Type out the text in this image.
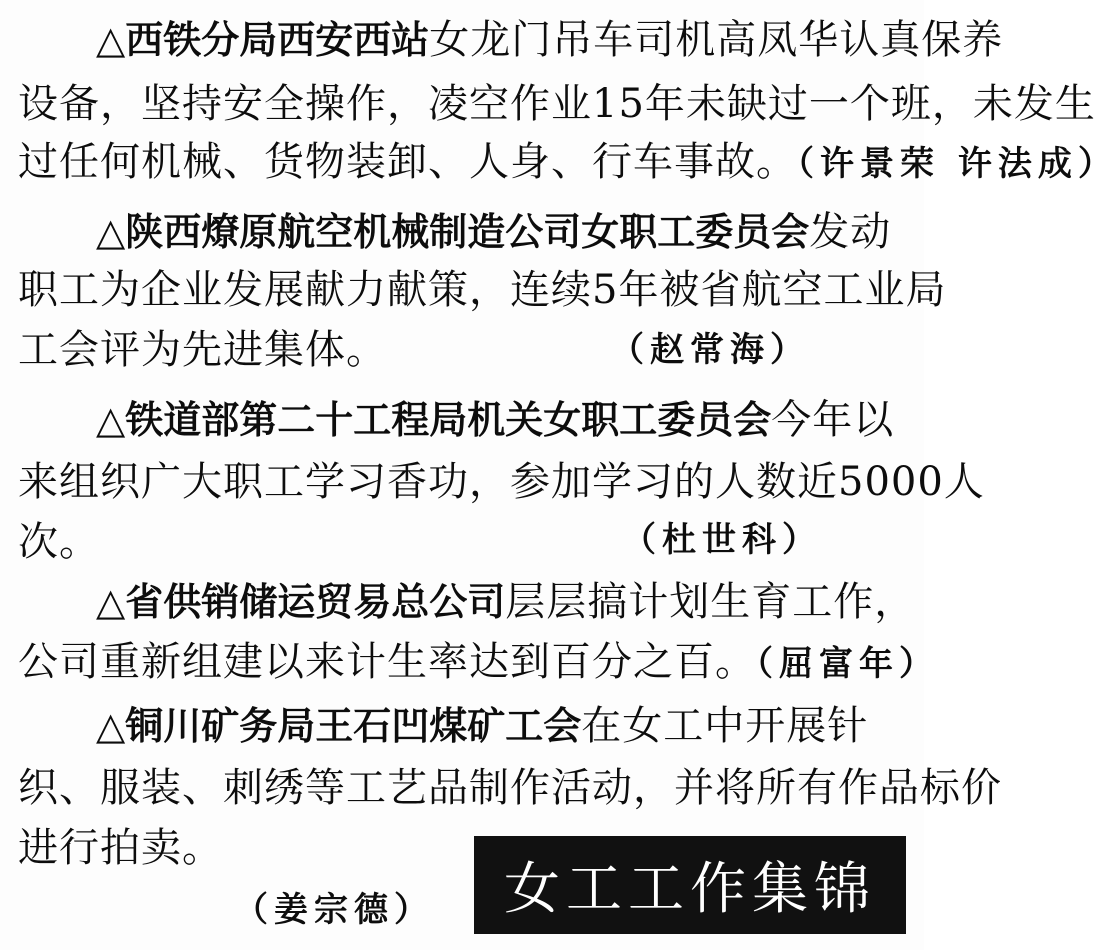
△西铁分局西安西站女龙门吊车司机高凤华认真保养
设备，坚持安全操作，凌空作业15年未缺过一个班，未发生
过任何机械、货物装卸、人身、行车事故。（许景荣 许法成）
△陕西燎原航空机械制造公司女职工委员会发动
职工为企业发展献力献策，连续5年被省航空工业局
工会评为先进集体。	（赵常海）
△铁道部第二十工程局机关女职工委员会今年以
来组织广大职工学习香功，参加学习的人数近5000人
次。	（杜世科）
△省供销储运贸易总公司层层搞计划生育工作，
公司重新组建以来计生率达到百分之百。（屈富年）
△铜川矿务局王石凹煤矿工会在女工中开展针
织、服装、刺绣等工艺品制作活动，并将所有作品标价
进行拍卖。
（姜宗德）	女工工作集锦
